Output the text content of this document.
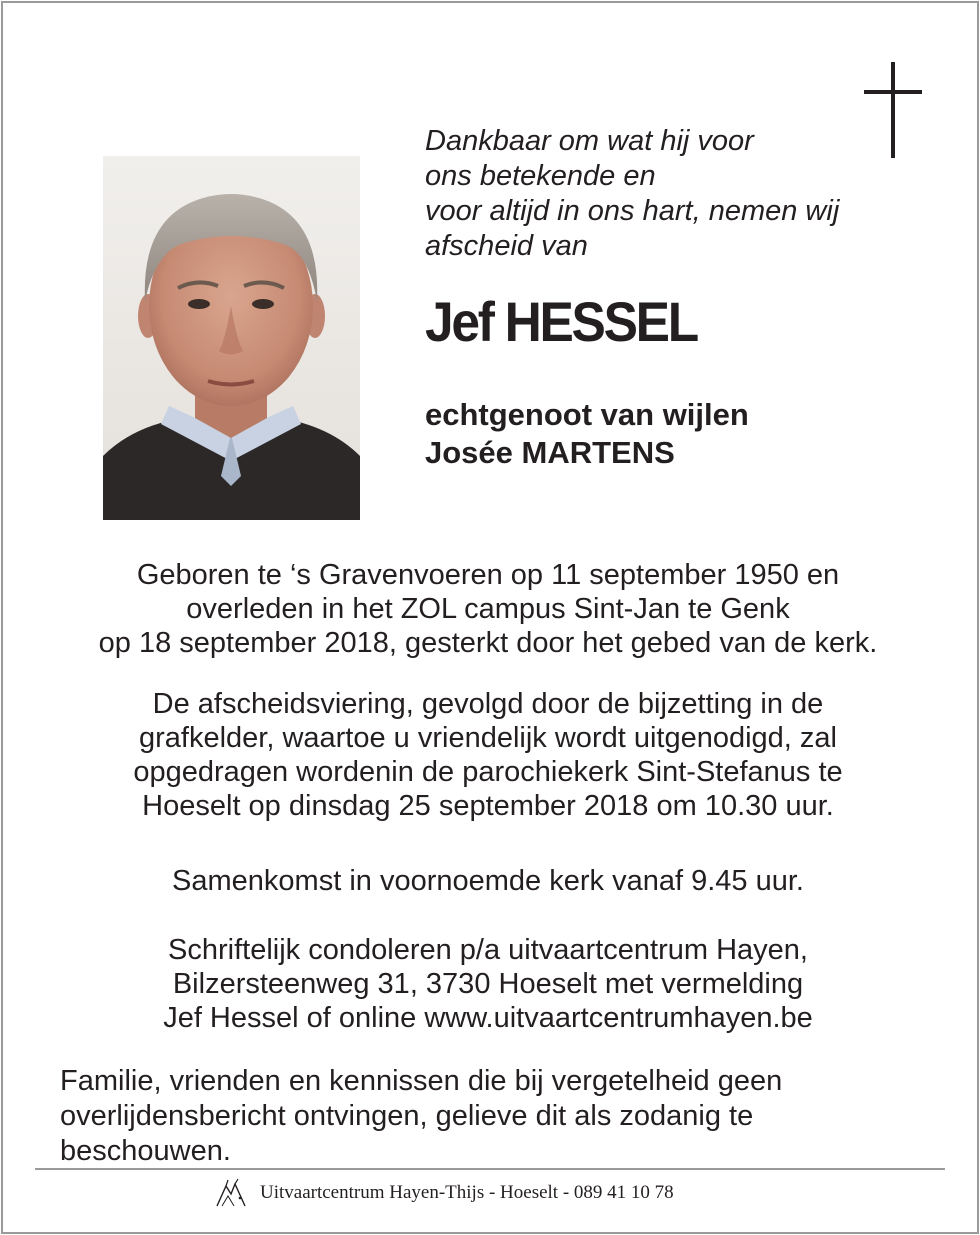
Dankbaar om wat hij voor
ons betekende en
voor altijd in ons hart, nemen wij
afscheid van
Jef HESSEL
echtgenoot van wijlen
Josée MARTENS
Geboren te ‘s Gravenvoeren op 11 september 1950 en
overleden in het ZOL campus Sint-Jan te Genk
op 18 september 2018, gesterkt door het gebed van de kerk.
De afscheidsviering, gevolgd door de bijzetting in de
grafkelder, waartoe u vriendelijk wordt uitgenodigd, zal
opgedragen wordenin de parochiekerk Sint-Stefanus te
Hoeselt op dinsdag 25 september 2018 om 10.30 uur.
Samenkomst in voornoemde kerk vanaf 9.45 uur.
Schriftelijk condoleren p/a uitvaartcentrum Hayen,
Bilzersteenweg 31, 3730 Hoeselt met vermelding
Jef Hessel of online www.uitvaartcentrumhayen.be
Familie, vrienden en kennissen die bij vergetelheid geen
overlijdensbericht ontvingen, gelieve dit als zodanig te
beschouwen.
Uitvaartcentrum Hayen-Thijs - Hoeselt - 089 41 10 78
